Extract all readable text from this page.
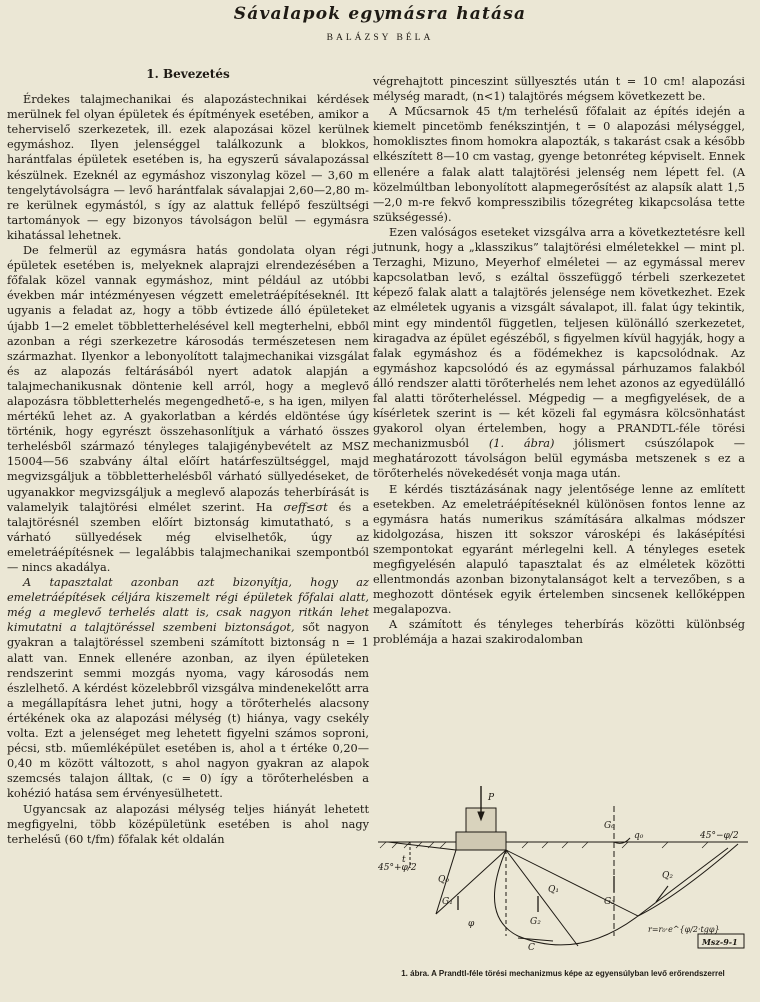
Sávalapok egymásra hatása
BALÁZSY BÉLA
1. Bevezetés

Érdekes talajmechanikai és alapozástechnikai kérdések merülnek fel olyan épületek és építmények esetében, amikor a teherviselő szerkezetek, ill. ezek alapozásai közel kerülnek egymáshoz. Ilyen jelenséggel találkozunk a blokkos, harántfalas épületek esetében is, ha egyszerű sávalapozással készülnek. Ezeknél az egymáshoz viszonylag közel — 3,60 m tengelytávolságra — levő harántfalak sávalapjai 2,60—2,80 m-re kerülnek egymástól, s így az alattuk fellépő feszültségi tartományok — egy bizonyos távolságon belül — egymásra kihatással lehetnek.

De felmerül az egymásra hatás gondolata olyan régi épületek esetében is, melyeknek alaprajzi elrendezésében a főfalak közel vannak egymáshoz, mint például az utóbbi években már intézményesen végzett emeletráépítéseknél. Itt ugyanis a feladat az, hogy a több évtizede álló épületeket újabb 1—2 emelet többletterhelésével kell megterhelni, ebből azonban a régi szerkezetre károsodás természetesen nem származhat. Ilyenkor a lebonyolított talajmechanikai vizsgálat és az alapozás feltárásából nyert adatok alapján a talajmechanikusnak döntenie kell arról, hogy a meglevő alapozásra többletterhelés megengedhető-e, s ha igen, milyen mértékű lehet az. A gyakorlatban a kérdés eldöntése úgy történik, hogy egyrészt összehasonlítjuk a várható összes terhelésből származó tényleges talajigénybevételt az MSZ 15004—56 szabvány által előírt határfeszültséggel, majd megvizsgáljuk a többletterhelésből várható süllyedéseket, de ugyanakkor megvizsgáljuk a meglevő alapozás teherbírását is valamelyik talajtörési elmélet szerint. Ha σeff≤σt és a talajtörésnél szemben előírt biztonság kimutatható, s a várható süllyedések még elviselhetők, úgy az emeletráépítésnek — legalábbis talajmechanikai szempontból — nincs akadálya.

A tapasztalat azonban azt bizonyítja, hogy az emeletráépítések céljára kiszemelt régi épületek főfalai alatt, még a meglevő terhelés alatt is, csak nagyon ritkán lehet kimutatni a talajtöréssel szembeni biztonságot, sőt nagyon gyakran a talajtöréssel szembeni számított biztonság n = 1 alatt van. Ennek ellenére azonban, az ilyen épületeken rendszerint semmi mozgás nyoma, vagy károsodás nem észlelhető. A kérdést közelebbről vizsgálva mindenekelőtt arra a megállapításra lehet jutni, hogy a törőterhelés alacsony értékének oka az alapozási mélység (t) hiánya, vagy csekély volta. Ezt a jelenséget meg lehetett figyelni számos soproni, pécsi, stb. műemléképület esetében is, ahol a t értéke 0,20—0,40 m között változott, s ahol nagyon gyakran az alapok szemcsés talajon álltak, (c = 0) így a törőterhelésben a kohézió hatása sem érvényesülhetett.

Ugyancsak az alapozási mélység teljes hiányát lehetett megfigyelni, több középületünk esetében is ahol nagy terhelésű (60 t/fm) főfalak két oldalán

végrehajtott pinceszint süllyesztés után t = 10 cm! alapozási mélység maradt, (n<1) talajtörés mégsem következett be.

A Műcsarnok 45 t/m terhelésű főfalait az építés idején a kiemelt pincetömb fenékszintjén, t = 0 alapozási mélységgel, homoklisztes finom homokra alapozták, s takarást csak a később elkészített 8—10 cm vastag, gyenge betonréteg képviselt. Ennek ellenére a falak alatt talajtörési jelenség nem lépett fel. (A közelmúltban lebonyolított alapmegerősítést az alapsík alatt 1,5—2,0 m-re fekvő kompresszibilis tőzegréteg kikapcsolása tette szükségessé).

Ezen valóságos eseteket vizsgálva arra a következtetésre kell jutnunk, hogy a „klasszikus” talajtörési elméletekkel — mint pl. Terzaghi, Mizuno, Meyerhof elméletei — az egymással merev kapcsolatban levő, s ezáltal összefüggő térbeli szerkezetet képező falak alatt a talajtörés jelensége nem következhet. Ezek az elméletek ugyanis a vizsgált sávalapot, ill. falat úgy tekintik, mint egy mindentől független, teljesen különálló szerkezetet, kiragadva az épület egészéből, s figyelmen kívül hagyják, hogy a falak egymáshoz és a födémekhez is kapcsolódnak. Az egymáshoz kapcsolódó és az egymással párhuzamos falakból álló rendszer alatti törőterhelés nem lehet azonos az egyedülálló fal alatti törőterheléssel. Mégpedig — a megfigyelések, de a kísérletek szerint is — két közeli fal egymásra kölcsönhatást gyakorol olyan értelemben, hogy a PRANDTL-féle törési mechanizmusból (1. ábra) jólismert csúszólapok — meghatározott távolságon belül egymásba metszenek s ez a törőterhelés növekedését vonja maga után.

E kérdés tisztázásának nagy jelentősége lenne az említett esetekben. Az emeletráépítéseknél különösen fontos lenne az egymásra hatás numerikus számítására alkalmas módszer kidolgozása, hiszen itt sokszor városképi és lakásépítési szempontokat egyaránt mérlegelni kell. A tényleges esetek megfigyelésén alapuló tapasztalat és az elméletek közötti ellentmondás azonban bizonytalanságot kelt a tervezőben, s a meghozott döntések egyik értelemben sincsenek kellőképpen megalapozva.

A számított és tényleges teherbírás közötti különbség problémája a hazai szakirodalomban

P
t
45°+φ/2
45°−φ/2
G₀
q₀
G₁
G₂
G₃
Q₀
Q₁
Q₂
C
φ
r=r₀·e^{φ/2·tgφ}
Msz-9-1
1. ábra. A Prandtl-féle törési mechanizmus képe az egyensúlyban levő erőrendszerrel
